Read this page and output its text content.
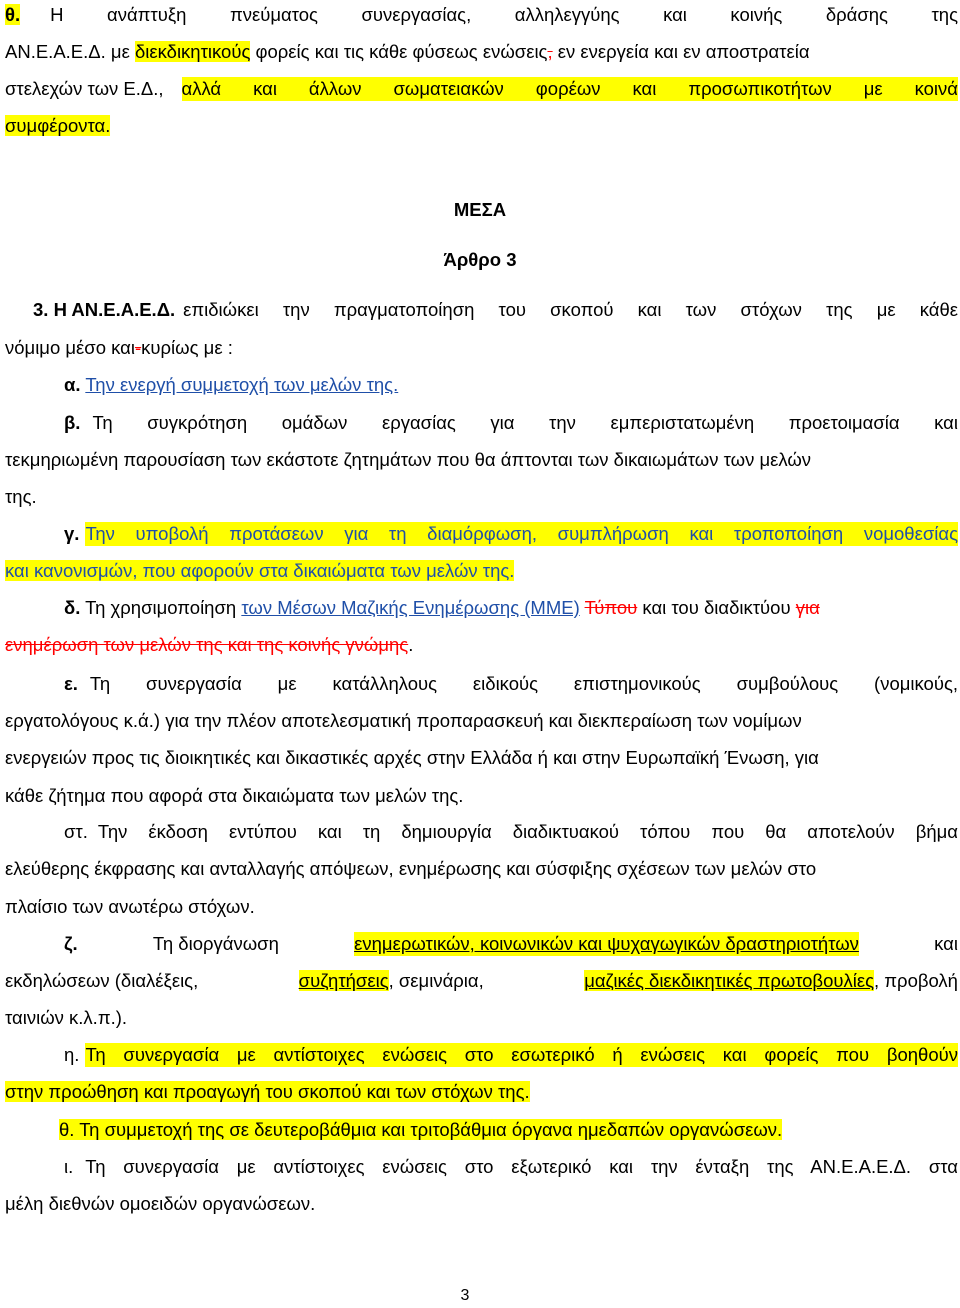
θ.	Η ανάπτυξη πνεύματος συνεργασίας, αλληλεγγύης και κοινής δράσης της
ΑΝ.Ε.Α.Ε.Δ. με διεκδικητικούς φορείς και τις κάθε φύσεως ενώσεις, εν ενεργεία και εν αποστρατεία
στελεχών των Ε.Δ., αλλά και άλλων σωματειακών φορέων και προσωπικοτήτων με κοινά
συμφέροντα.
ΜΕΣΑ
Άρθρο 3
3. Η ΑΝ.Ε.Α.Ε.Δ. επιδιώκει την πραγματοποίηση του σκοπού και των στόχων της με κάθε
νόμιμο μέσο και-κυρίως με :
α. Την ενεργή συμμετοχή των μελών της.
β. Τη συγκρότηση ομάδων εργασίας για την εμπεριστατωμένη προετοιμασία και
τεκμηριωμένη παρουσίαση των εκάστοτε ζητημάτων που θα άπτονται των δικαιωμάτων των μελών
της.
γ. Την υποβολή προτάσεων για τη διαμόρφωση, συμπλήρωση και τροποποίηση νομοθεσίας
και κανονισμών, που αφορούν στα δικαιώματα των μελών της.
δ. Τη χρησιμοποίηση των Μέσων Μαζικής Ενημέρωσης (ΜΜΕ) Τύπου και του διαδικτύου για
ενημέρωση των μελών της και της κοινής γνώμης.
ε. Τη συνεργασία με κατάλληλους ειδικούς επιστημονικούς συμβούλους (νομικούς,
εργατολόγους κ.ά.) για την πλέον αποτελεσματική προπαρασκευή και διεκπεραίωση των νομίμων
ενεργειών προς τις διοικητικές και δικαστικές αρχές στην Ελλάδα ή και στην Ευρωπαϊκή Ένωση, για
κάθε ζήτημα που αφορά στα δικαιώματα των μελών της.
στ. Την έκδοση εντύπου και τη δημιουργία διαδικτυακού τόπου που θα αποτελούν βήμα
ελεύθερης έκφρασης και ανταλλαγής απόψεων, ενημέρωσης και σύσφιξης σχέσεων των μελών στο
πλαίσιο των ανωτέρω στόχων.
ζ.	Τη διοργάνωση	ενημερωτικών, κοινωνικών και ψυχαγωγικών δραστηριοτήτων	και
εκδηλώσεων (διαλέξεις,	συζητήσεις, σεμινάρια,	μαζικές διεκδικητικές πρωτοβουλίες, προβολή
ταινιών κ.λ.π.).
η. Τη συνεργασία με αντίστοιχες ενώσεις στο εσωτερικό ή ενώσεις και φορείς που βοηθούν
στην προώθηση και προαγωγή του σκοπού και των στόχων της.
θ. Τη συμμετοχή της σε δευτεροβάθμια και τριτοβάθμια όργανα ημεδαπών οργανώσεων.
ι. Τη συνεργασία με αντίστοιχες ενώσεις στο εξωτερικό και την ένταξη της ΑΝ.Ε.Α.Ε.Δ. στα
μέλη διεθνών ομοειδών οργανώσεων.
3
